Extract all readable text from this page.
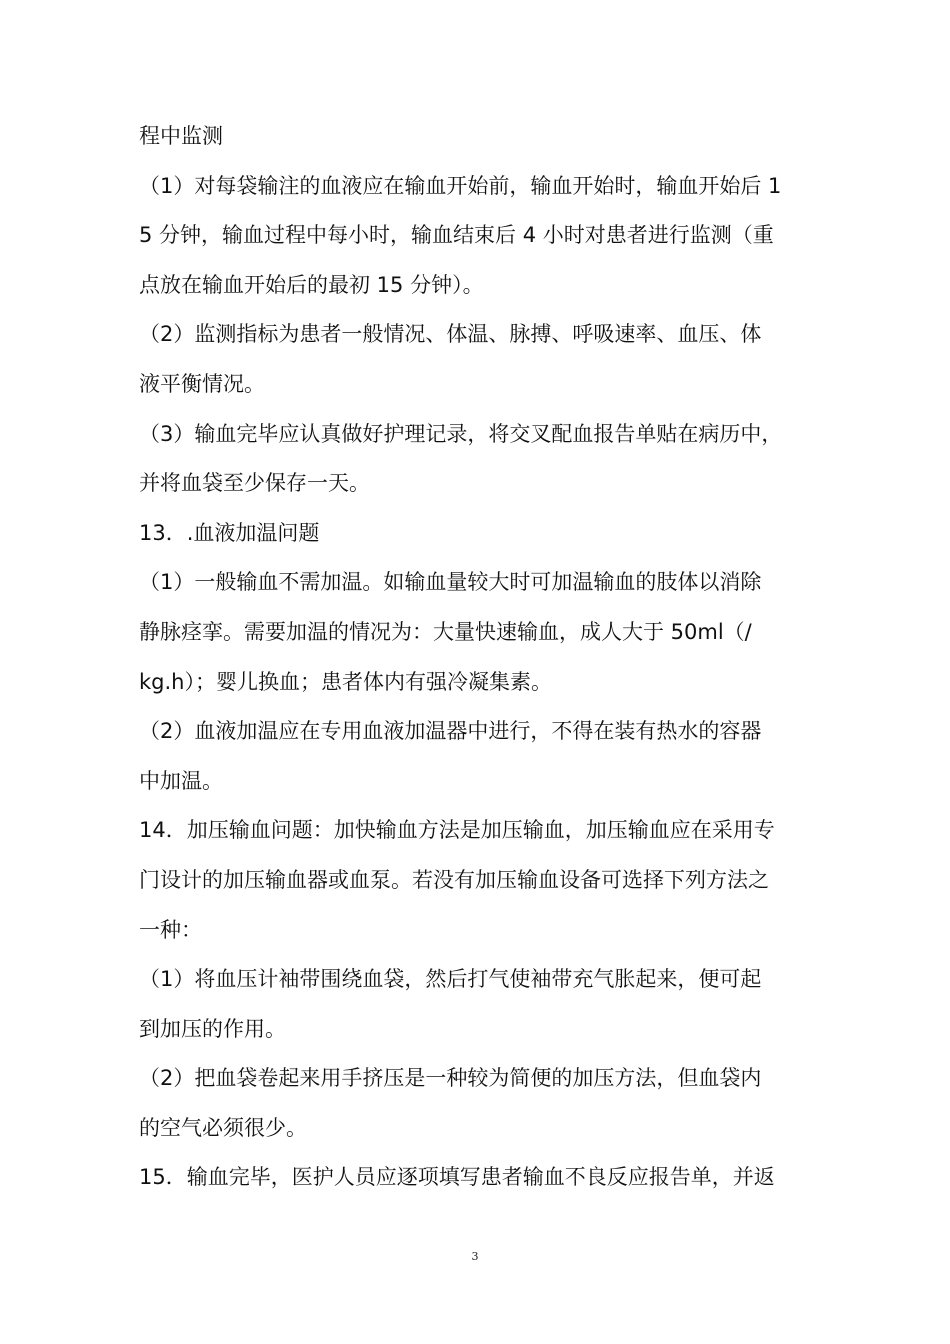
程中监测
（1）对每袋输注的血液应在输血开始前，输血开始时，输血开始后 1
5 分钟，输血过程中每小时，输血结束后 4 小时对患者进行监测（重
点放在输血开始后的最初 15 分钟）。
（2）监测指标为患者一般情况、体温、脉搏、呼吸速率、血压、体
液平衡情况。
（3）输血完毕应认真做好护理记录，将交叉配血报告单贴在病历中，
并将血袋至少保存一天。
13．.血液加温问题
（1）一般输血不需加温。如输血量较大时可加温输血的肢体以消除
静脉痉挛。需要加温的情况为：大量快速输血，成人大于 50ml（/
kg.h）；婴儿换血；患者体内有强冷凝集素。
（2）血液加温应在专用血液加温器中进行，不得在装有热水的容器
中加温。
14．加压输血问题：加快输血方法是加压输血，加压输血应在采用专
门设计的加压输血器或血泵。若没有加压输血设备可选择下列方法之
一种：
（1）将血压计袖带围绕血袋，然后打气使袖带充气胀起来，便可起
到加压的作用。
（2）把血袋卷起来用手挤压是一种较为简便的加压方法，但血袋内
的空气必须很少。
15．输血完毕，医护人员应逐项填写患者输血不良反应报告单，并返
3
